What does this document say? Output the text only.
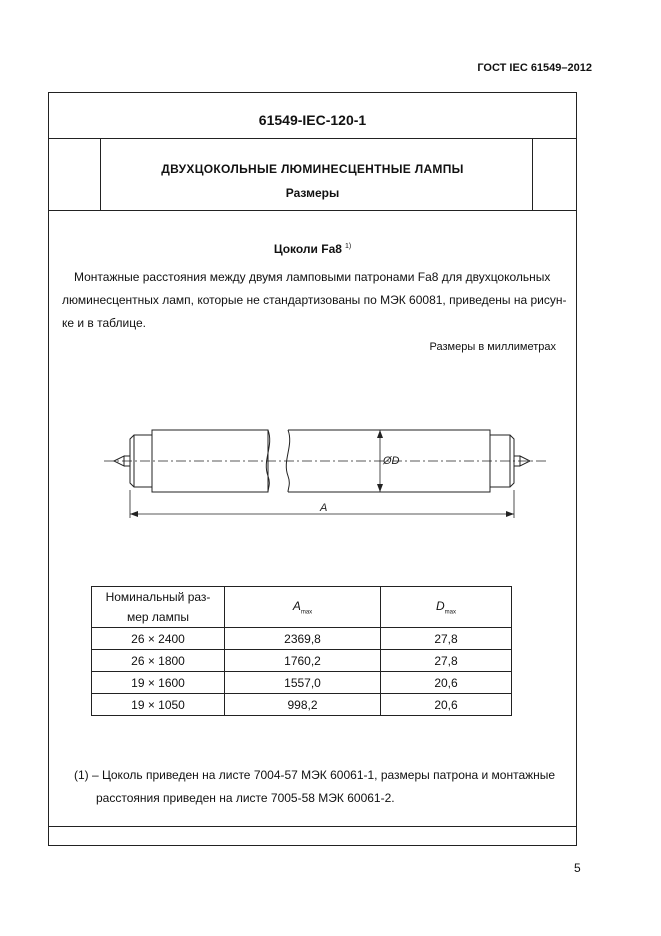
ГОСТ IEC 61549–2012
61549-IEC-120-1
ДВУХЦОКОЛЬНЫЕ ЛЮМИНЕСЦЕНТНЫЕ ЛАМПЫ
Размеры
Цоколи Fa8 $^{1)}$

Монтажные расстояния между двумя ламповыми патронами Fa8 для двухцокольных

люминесцентных ламп, которые не стандартизованы по МЭК 60081, приведены на рисун-
ке и в таблице.
Размеры в миллиметрах
ØD
A
Номинальный раз-
мер лампы	$A_{max}$	$D_{max}$
26 × 2400	2369,8	27,8
26 × 1800	1760,2	27,8
19 × 1600	1557,0	20,6
19 × 1050	998,2	20,6
(1) – Цоколь приведен на листе 7004-57 МЭК 60061-1, размеры патрона и монтажные
расстояния приведен на листе 7005-58 МЭК 60061-2.
5
